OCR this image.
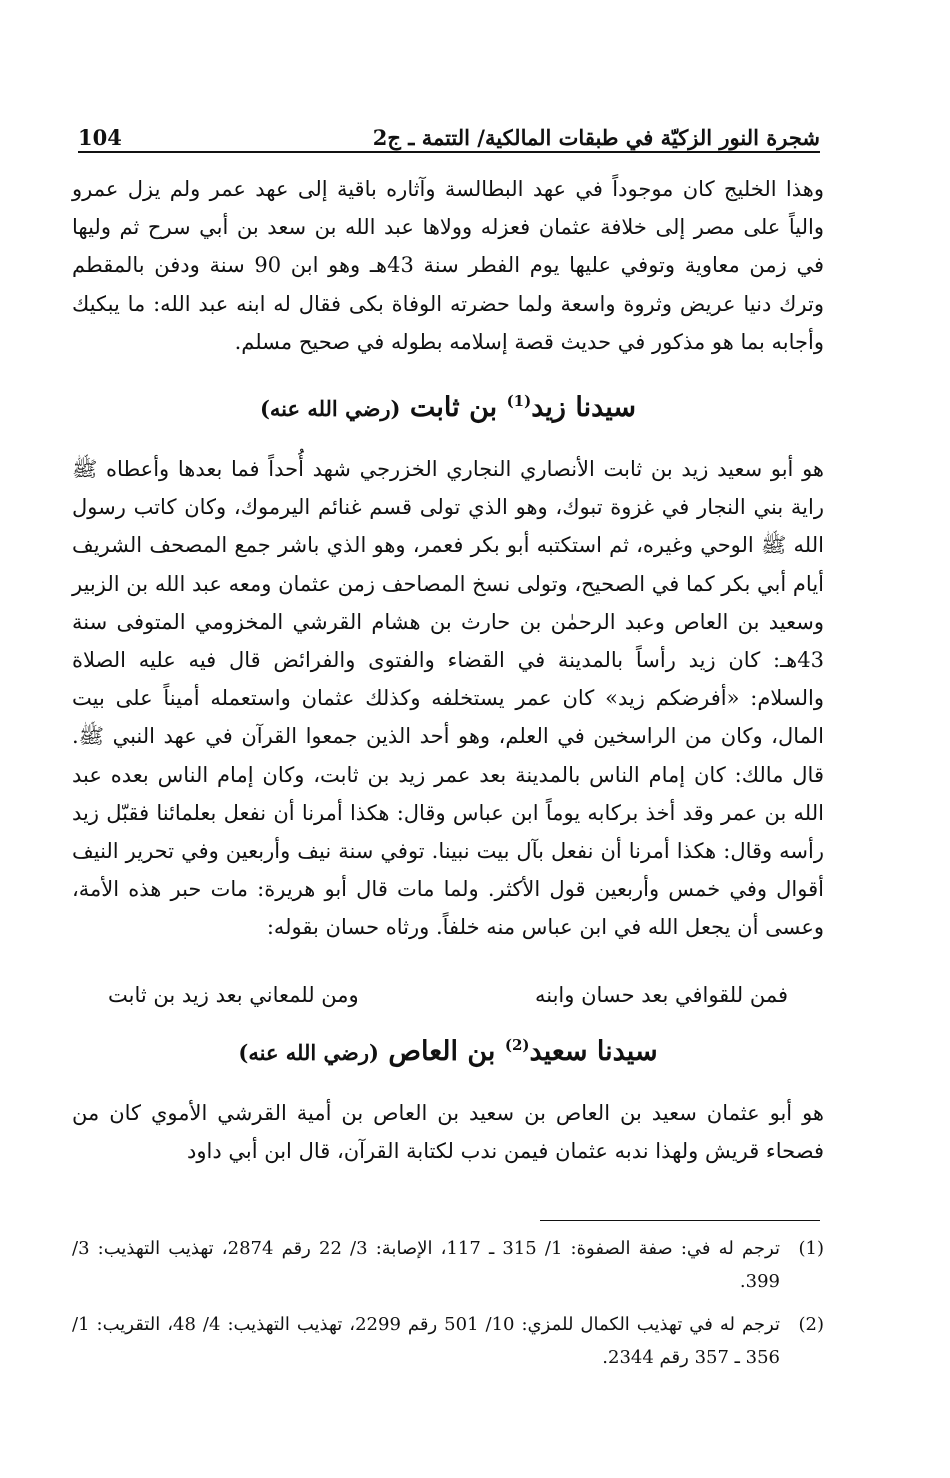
104	شجرة النور الزكيّة في طبقات المالكية/ التتمة ـ ج2
وهذا الخليج كان موجوداً في عهد البطالسة وآثاره باقية إلى عهد عمر ولم يزل عمرو والياً على مصر إلى خلافة عثمان فعزله وولاها عبد الله بن سعد بن أبي سرح ثم وليها في زمن معاوية وتوفي عليها يوم الفطر سنة 43هـ وهو ابن 90 سنة ودفن بالمقطم وترك دنيا عريض وثروة واسعة ولما حضرته الوفاة بكى فقال له ابنه عبد الله: ما يبكيك وأجابه بما هو مذكور في حديث قصة إسلامه بطوله في صحيح مسلم.
سيدنا زيد$^{(1)}$ بن ثابت (رضي الله عنه)
هو أبو سعيد زيد بن ثابت الأنصاري النجاري الخزرجي شهد أُحداً فما بعدها وأعطاه ﷺ راية بني النجار في غزوة تبوك، وهو الذي تولى قسم غنائم اليرموك، وكان كاتب رسول الله ﷺ الوحي وغيره، ثم استكتبه أبو بكر فعمر، وهو الذي باشر جمع المصحف الشريف أيام أبي بكر كما في الصحيح، وتولى نسخ المصاحف زمن عثمان ومعه عبد الله بن الزبير وسعيد بن العاص وعبد الرحمٰن بن حارث بن هشام القرشي المخزومي المتوفى سنة 43هـ: كان زيد رأساً بالمدينة في القضاء والفتوى والفرائض قال فيه عليه الصلاة والسلام: «أفرضكم زيد» كان عمر يستخلفه وكذلك عثمان واستعمله أميناً على بيت المال، وكان من الراسخين في العلم، وهو أحد الذين جمعوا القرآن في عهد النبي ﷺ. قال مالك: كان إمام الناس بالمدينة بعد عمر زيد بن ثابت، وكان إمام الناس بعده عبد الله بن عمر وقد أخذ بركابه يوماً ابن عباس وقال: هكذا أمرنا أن نفعل بعلمائنا فقبّل زيد رأسه وقال: هكذا أمرنا أن نفعل بآل بيت نبينا. توفي سنة نيف وأربعين وفي تحرير النيف أقوال وفي خمس وأربعين قول الأكثر. ولما مات قال أبو هريرة: مات حبر هذه الأمة، وعسى أن يجعل الله في ابن عباس منه خلفاً. ورثاه حسان بقوله:
فمن للقوافي بعد حسان وابنه
ومن للمعاني بعد زيد بن ثابت
سيدنا سعيد$^{(2)}$ بن العاص (رضي الله عنه)
هو أبو عثمان سعيد بن العاص بن سعيد بن العاص بن أمية القرشي الأموي كان من فصحاء قريش ولهذا ندبه عثمان فيمن ندب لكتابة القرآن، قال ابن أبي داود
(1)
ترجم له في: صفة الصفوة: 1/ 315 ـ 117، الإصابة: 3/ 22 رقم 2874، تهذيب التهذيب: 3/ 399.
(2)
ترجم له في تهذيب الكمال للمزي: 10/ 501 رقم 2299، تهذيب التهذيب: 4/ 48، التقريب: 1/ 356 ـ 357 رقم 2344.
